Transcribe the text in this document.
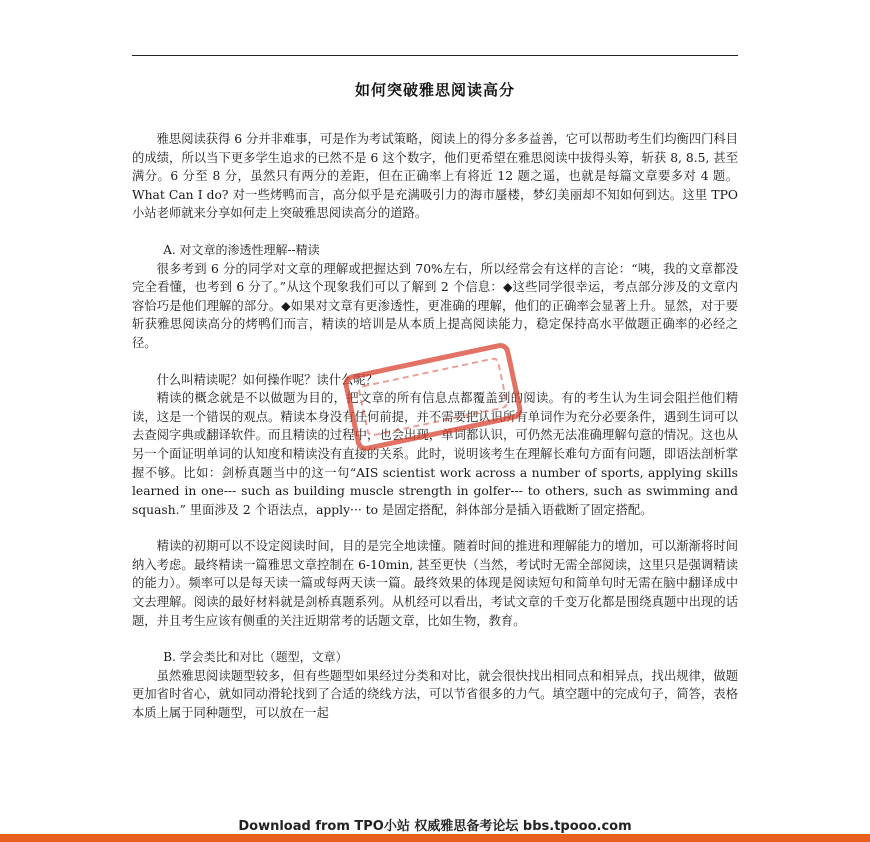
如何突破雅思阅读高分

雅思阅读获得 6 分并非难事，可是作为考试策略，阅读上的得分多多益善，它可以帮助考生们均衡四门科目的成绩，所以当下更多学生追求的已然不是 6 这个数字，他们更希望在雅思阅读中拔得头筹，斩获 8, 8.5, 甚至满分。6 分至 8 分，虽然只有两分的差距，但在正确率上有将近 12 题之遥，也就是每篇文章要多对 4 题。What Can I do? 对一些烤鸭而言，高分似乎是充满吸引力的海市蜃楼，梦幻美丽却不知如何到达。这里 TPO 小站老师就来分享如何走上突破雅思阅读高分的道路。

A. 对文章的渗透性理解--精读

很多考到 6 分的同学对文章的理解或把握达到 70%左右，所以经常会有这样的言论：“咦，我的文章都没完全看懂，也考到 6 分了。”从这个现象我们可以了解到 2 个信息：◆这些同学很幸运，考点部分涉及的文章内容恰巧是他们理解的部分。◆如果对文章有更渗透性，更准确的理解，他们的正确率会显著上升。显然，对于要斩获雅思阅读高分的烤鸭们而言，精读的培训是从本质上提高阅读能力，稳定保持高水平做题正确率的必经之径。

什么叫精读呢？如何操作呢？读什么呢？

精读的概念就是不以做题为目的，把文章的所有信息点都覆盖到的阅读。有的考生认为生词会阻拦他们精读，这是一个错误的观点。精读本身没有任何前提，并不需要把认识所有单词作为充分必要条件，遇到生词可以去查阅字典或翻译软件。而且精读的过程中，也会出现，单词都认识，可仍然无法准确理解句意的情况。这也从另一个面证明单词的认知度和精读没有直接的关系。此时，说明该考生在理解长难句方面有问题，即语法剖析掌握不够。比如：剑桥真题当中的这一句“AIS scientist work across a number of sports, applying skills learned in one--- such as building muscle strength in golfer--- to others, such as swimming and squash.” 里面涉及 2 个语法点，apply··· to 是固定搭配，斜体部分是插入语截断了固定搭配。

精读的初期可以不设定阅读时间，目的是完全地读懂。随着时间的推进和理解能力的增加，可以渐渐将时间纳入考虑。最终精读一篇雅思文章控制在 6-10min, 甚至更快（当然，考试时无需全部阅读，这里只是强调精读的能力）。频率可以是每天读一篇或每两天读一篇。最终效果的体现是阅读短句和简单句时无需在脑中翻译成中文去理解。阅读的最好材料就是剑桥真题系列。从机经可以看出，考试文章的千变万化都是围绕真题中出现的话题，并且考生应该有侧重的关注近期常考的话题文章，比如生物，教育。

B. 学会类比和对比（题型，文章）

虽然雅思阅读题型较多，但有些题型如果经过分类和对比，就会很快找出相同点和相异点，找出规律，做题更加省时省心，就如同动滑轮找到了合适的绕线方法，可以节省很多的力气。填空题中的完成句子，简答，表格本质上属于同种题型，可以放在一起

Download from TPO小站 权威雅思备考论坛 bbs.tpooo.com
